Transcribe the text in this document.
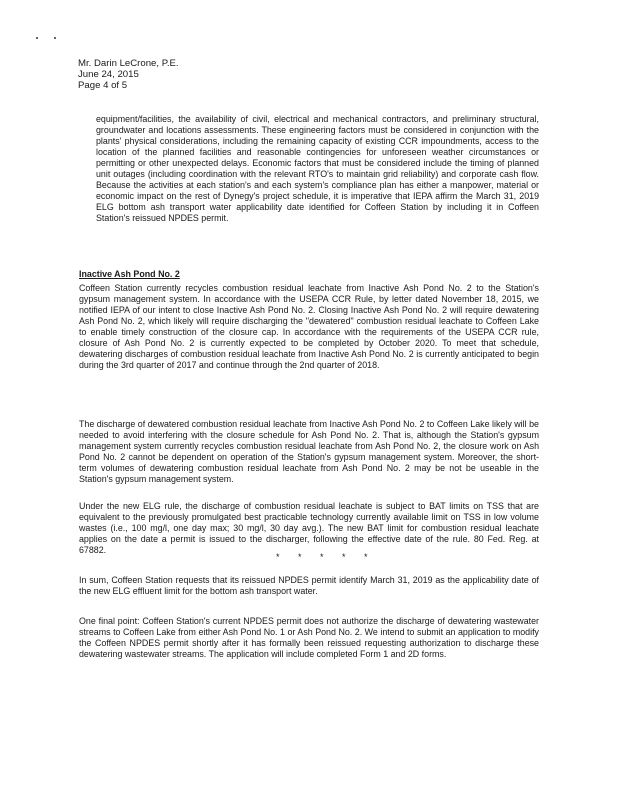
Mr. Darin LeCrone, P.E.
June 24, 2015
Page 4 of 5
equipment/facilities, the availability of civil, electrical and mechanical contractors, and preliminary structural, groundwater and locations assessments. These engineering factors must be considered in conjunction with the plants' physical considerations, including the remaining capacity of existing CCR impoundments, access to the location of the planned facilities and reasonable contingencies for unforeseen weather circumstances or permitting or other unexpected delays. Economic factors that must be considered include the timing of planned unit outages (including coordination with the relevant RTO's to maintain grid reliability) and corporate cash flow. Because the activities at each station's and each system's compliance plan has either a manpower, material or economic impact on the rest of Dynegy's project schedule, it is imperative that IEPA affirm the March 31, 2019 ELG bottom ash transport water applicability date identified for Coffeen Station by including it in Coffeen Station's reissued NPDES permit.
Inactive Ash Pond No. 2
Coffeen Station currently recycles combustion residual leachate from Inactive Ash Pond No. 2 to the Station's gypsum management system. In accordance with the USEPA CCR Rule, by letter dated November 18, 2015, we notified IEPA of our intent to close Inactive Ash Pond No. 2. Closing Inactive Ash Pond No. 2 will require dewatering Ash Pond No. 2, which likely will require discharging the "dewatered" combustion residual leachate to Coffeen Lake to enable timely construction of the closure cap. In accordance with the requirements of the USEPA CCR rule, closure of Ash Pond No. 2 is currently expected to be completed by October 2020. To meet that schedule, dewatering discharges of combustion residual leachate from Inactive Ash Pond No. 2 is currently anticipated to begin during the 3rd quarter of 2017 and continue through the 2nd quarter of 2018.
The discharge of dewatered combustion residual leachate from Inactive Ash Pond No. 2 to Coffeen Lake likely will be needed to avoid interfering with the closure schedule for Ash Pond No. 2. That is, although the Station's gypsum management system currently recycles combustion residual leachate from Ash Pond No. 2, the closure work on Ash Pond No. 2 cannot be dependent on operation of the Station's gypsum management system. Moreover, the short-term volumes of dewatering combustion residual leachate from Ash Pond No. 2 may be not be useable in the Station's gypsum management system.
Under the new ELG rule, the discharge of combustion residual leachate is subject to BAT limits on TSS that are equivalent to the previously promulgated best practicable technology currently available limit on TSS in low volume wastes (i.e., 100 mg/l, one day max; 30 mg/l, 30 day avg.). The new BAT limit for combustion residual leachate applies on the date a permit is issued to the discharger, following the effective date of the rule. 80 Fed. Reg. at 67882.
* * * * *
In sum, Coffeen Station requests that its reissued NPDES permit identify March 31, 2019 as the applicability date of the new ELG effluent limit for the bottom ash transport water.
One final point: Coffeen Station's current NPDES permit does not authorize the discharge of dewatering wastewater streams to Coffeen Lake from either Ash Pond No. 1 or Ash Pond No. 2. We intend to submit an application to modify the Coffeen NPDES permit shortly after it has formally been reissued requesting authorization to discharge these dewatering wastewater streams. The application will include completed Form 1 and 2D forms.
